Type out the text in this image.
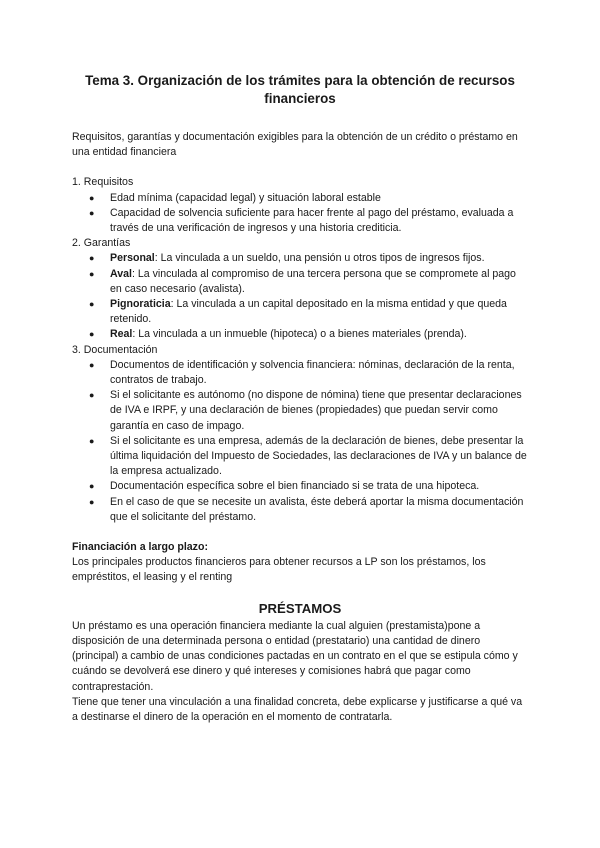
Tema 3. Organización de los trámites para la obtención de recursos financieros

Requisitos, garantías y documentación exigibles para la obtención de un crédito o préstamo en una entidad financiera

1. Requisitos

● Edad mínima (capacidad legal) y situación laboral estable
● Capacidad de solvencia suficiente para hacer frente al pago del préstamo, evaluada a través de una verificación de ingresos y una historia crediticia.

2. Garantías

● Personal: La vinculada a un sueldo, una pensión u otros tipos de ingresos fijos.
● Aval: La vinculada al compromiso de una tercera persona que se compromete al pago en caso necesario (avalista).
● Pignoraticia: La vinculada a un capital depositado en la misma entidad y que queda retenido.
● Real: La vinculada a un inmueble (hipoteca) o a bienes materiales (prenda).

3. Documentación

● Documentos de identificación y solvencia financiera: nóminas, declaración de la renta, contratos de trabajo.
● Si el solicitante es autónomo (no dispone de nómina) tiene que presentar declaraciones de IVA e IRPF, y una declaración de bienes (propiedades) que puedan servir como garantía en caso de impago.
● Si el solicitante es una empresa, además de la declaración de bienes, debe presentar la última liquidación del Impuesto de Sociedades, las declaraciones de IVA y un balance de la empresa actualizado.
● Documentación específica sobre el bien financiado si se trata de una hipoteca.
● En el caso de que se necesite un avalista, éste deberá aportar la misma documentación que el solicitante del préstamo.

Financiación a largo plazo:

Los principales productos financieros para obtener recursos a LP son los préstamos, los empréstitos, el leasing y el renting

PRÉSTAMOS

Un préstamo es una operación financiera mediante la cual alguien (prestamista)pone a disposición de una determinada persona o entidad (prestatario) una cantidad de dinero (principal) a cambio de unas condiciones pactadas en un contrato en el que se estipula cómo y cuándo se devolverá ese dinero y qué intereses y comisiones habrá que pagar como contraprestación.

Tiene que tener una vinculación a una finalidad concreta, debe explicarse y justificarse a qué va a destinarse el dinero de la operación en el momento de contratarla.
